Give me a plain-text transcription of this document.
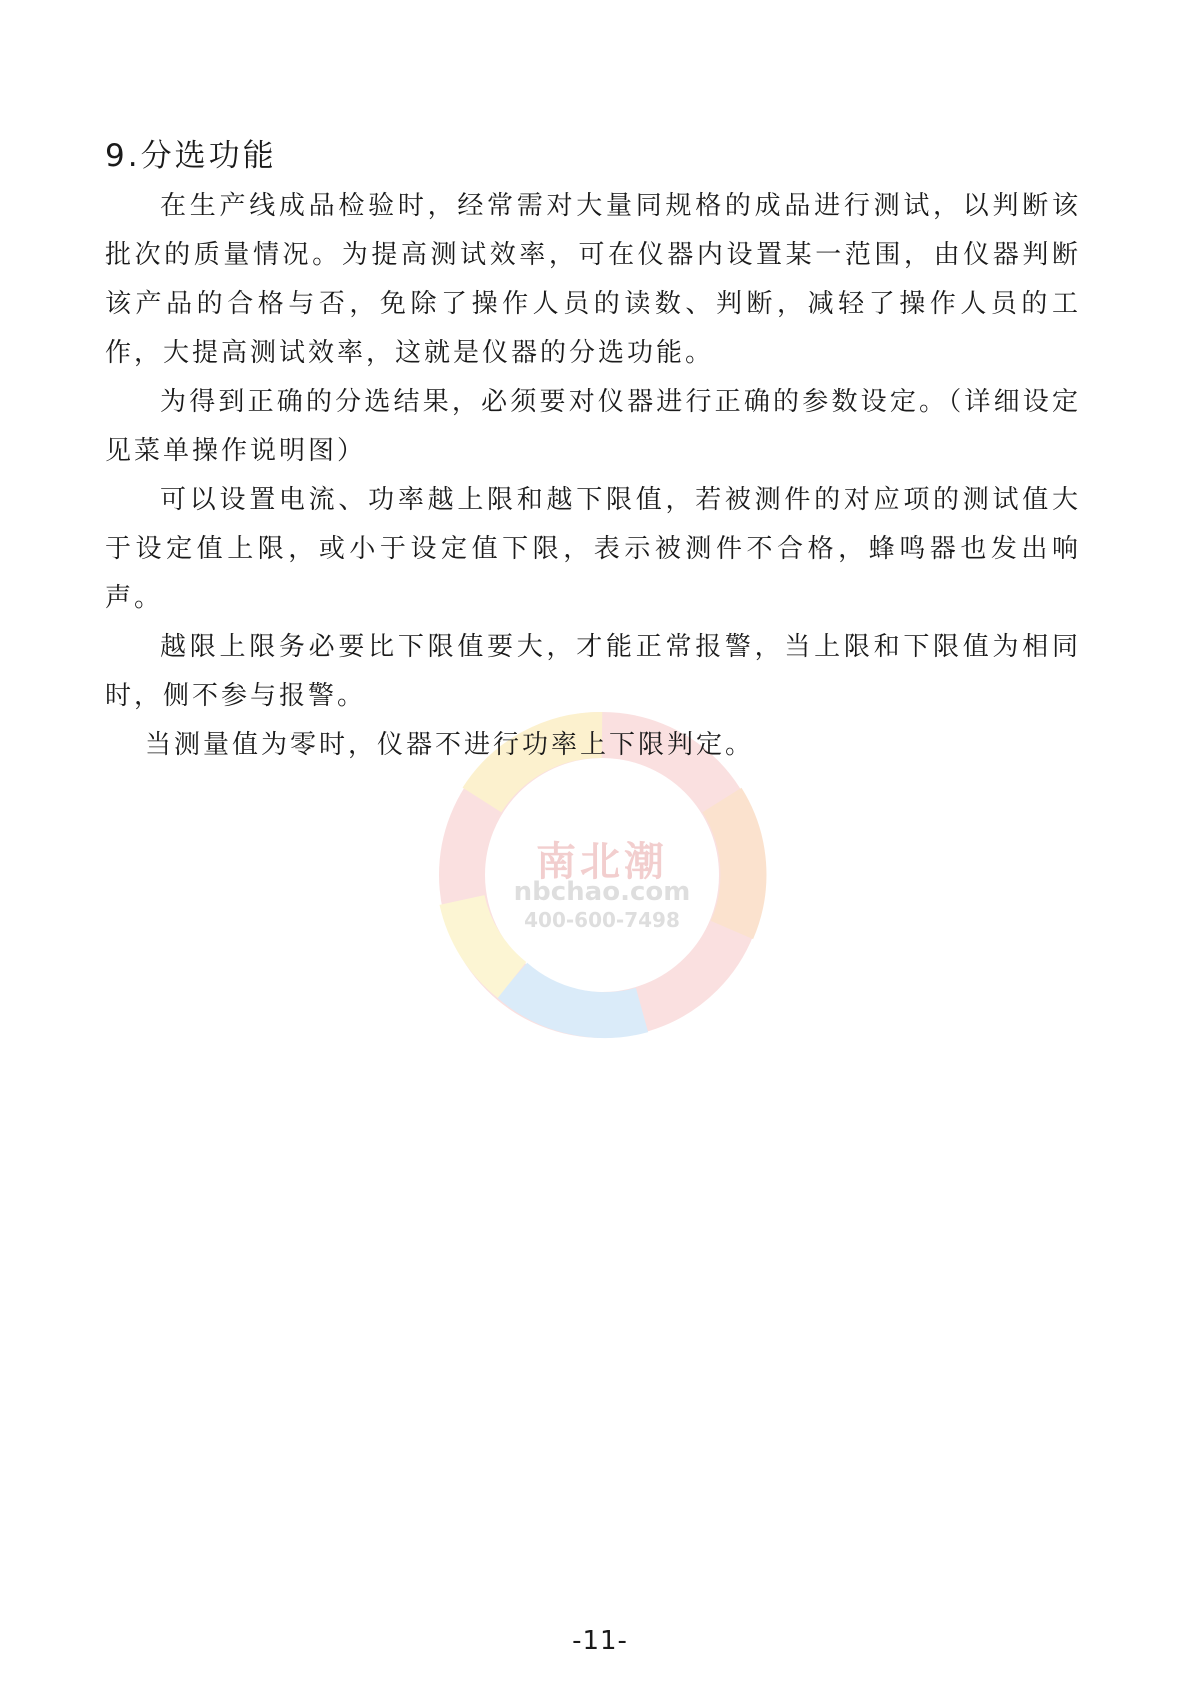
南北潮
nbchao.com
400-600-7498
9.分选功能

在生产线成品检验时，经常需对大量同规格的成品进行测试，以判断该批次的质量情况。为提高测试效率，可在仪器内设置某一范围，由仪器判断该产品的合格与否，免除了操作人员的读数、判断，减轻了操作人员的工作，大提高测试效率，这就是仪器的分选功能。

为得到正确的分选结果，必须要对仪器进行正确的参数设定。（详细设定见菜单操作说明图）

可以设置电流、功率越上限和越下限值，若被测件的对应项的测试值大于设定值上限，或小于设定值下限，表示被测件不合格，蜂鸣器也发出响声。

越限上限务必要比下限值要大，才能正常报警，当上限和下限值为相同时，侧不参与报警。

当测量值为零时，仪器不进行功率上下限判定。

-11-
